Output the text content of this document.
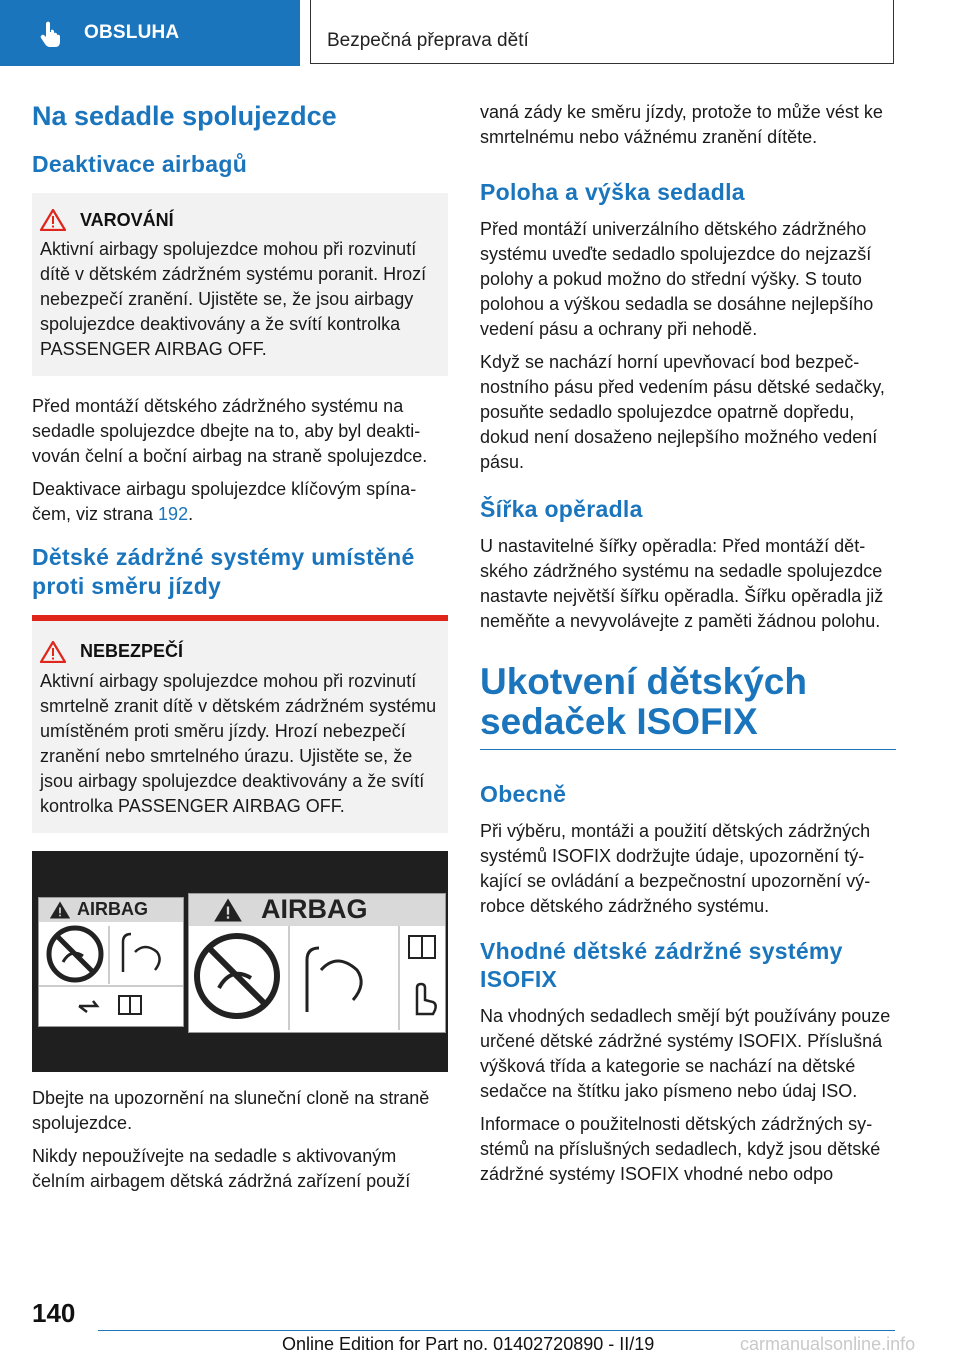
OBSLUHA	Bezpečná přeprava dětí
Na sedadle spolujezdce
Deaktivace airbagů
VAROVÁNÍ

Aktivní airbagy spolujezdce mohou při rozvinutí dítě v dětském zádržném systému poranit. Hrozí nebezpečí zranění. Ujistěte se, že jsou airbagy spolujezdce deaktivovány a že svítí kontrolka PASSENGER AIRBAG OFF.

Před montáží dětského zádržného systému na sedadle spolujezdce dbejte na to, aby byl deaktivován čelní a boční airbag na straně spolujezdce.

Deaktivace airbagu spolujezdce klíčovým spínačem, viz strana 192.

Dětské zádržné systémy umístěné proti směru jízdy
NEBEZPEČÍ

Aktivní airbagy spolujezdce mohou při rozvinutí smrtelně zranit dítě v dětském zádržném systému umístěném proti směru jízdy. Hrozí nebezpečí zranění nebo smrtelného úrazu. Ujistěte se, že jsou airbagy spolujezdce deaktivovány a že svítí kontrolka PASSENGER AIRBAG OFF.

AIRBAG	AIRBAG

Dbejte na upozornění na sluneční cloně na straně spolujezdce.

Nikdy nepoužívejte na sedadle s aktivovaným čelním airbagem dětská zádržná zařízení použí

vaná zády ke směru jízdy, protože to může vést ke smrtelnému nebo vážnému zranění dítěte.

Poloha a výška sedadla

Před montáží univerzálního dětského zádržného systému uveďte sedadlo spolujezdce do nejzazší polohy a pokud možno do střední výšky. S touto polohou a výškou sedadla se dosáhne nejlepšího vedení pásu a ochrany při nehodě.

Když se nachází horní upevňovací bod bezpečnostního pásu před vedením pásu dětské sedačky, posuňte sedadlo spolujezdce opatrně dopředu, dokud není dosaženo nejlepšího možného vedení pásu.

Šířka opěradla

U nastavitelné šířky opěradla: Před montáží dětského zádržného systému na sedadle spolujezdce nastavte největší šířku opěradla. Šířku opěradla již neměňte a nevyvolávejte z paměti žádnou polohu.

Ukotvení dětských sedaček ISOFIX
Obecně

Při výběru, montáži a použití dětských zádržných systémů ISOFIX dodržujte údaje, upozornění týkající se ovládání a bezpečnostní upozornění výrobce dětského zádržného systému.

Vhodné dětské zádržné systémy ISOFIX

Na vhodných sedadlech smějí být používány pouze určené dětské zádržné systémy ISOFIX. Příslušná výšková třída a kategorie se nachází na dětské sedačce na štítku jako písmeno nebo údaj ISO.

Informace o použitelnosti dětských zádržných systémů na příslušných sedadlech, když jsou dětské zádržné systémy ISOFIX vhodné nebo odpo

140
Online Edition for Part no. 01402720890 - II/19	carmanualsonline.info
